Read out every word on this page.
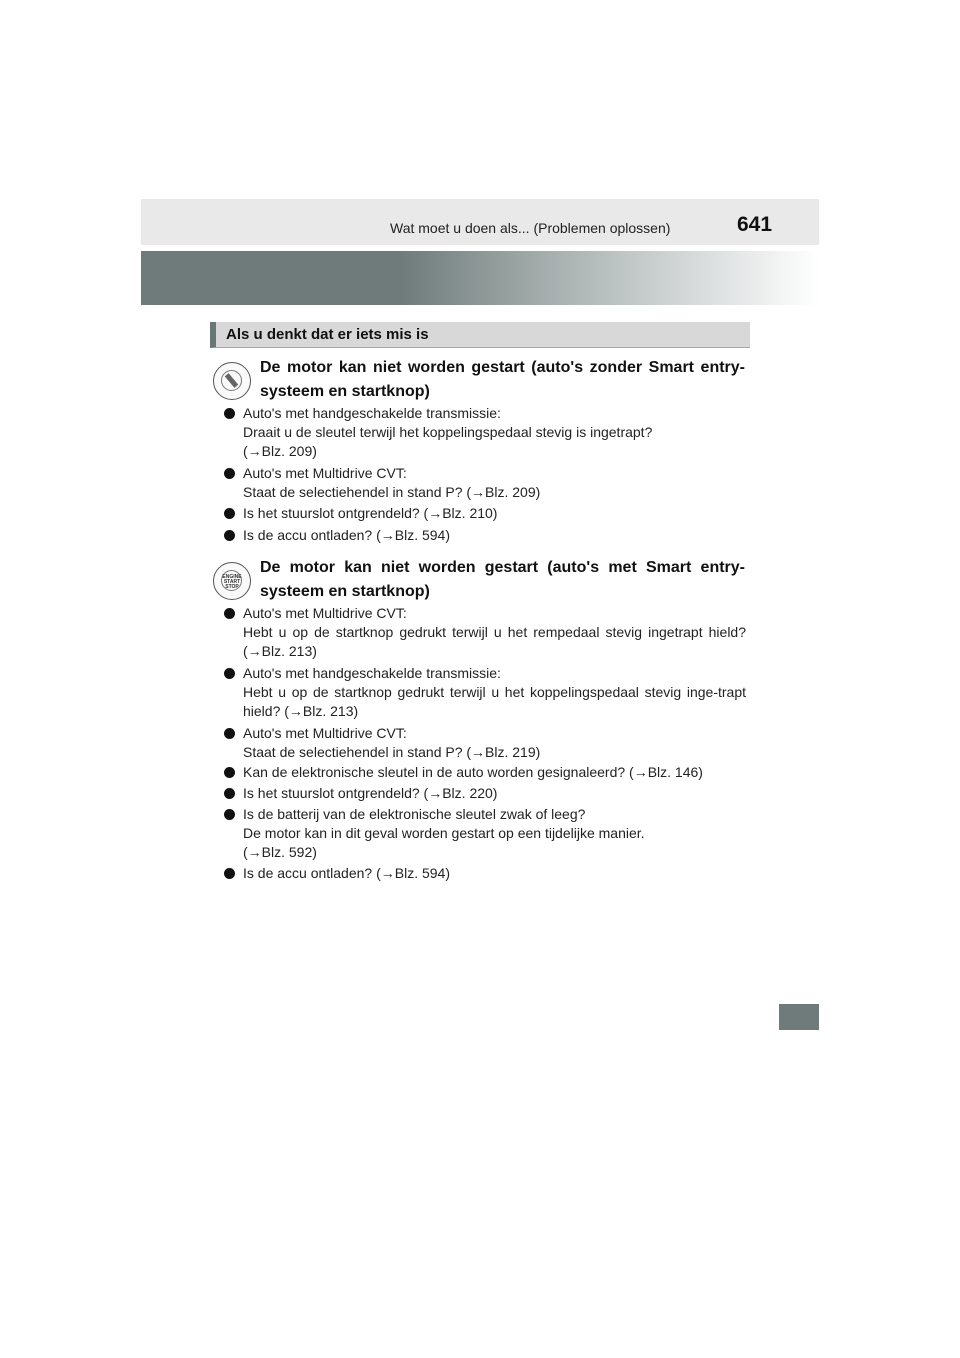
Wat moet u doen als... (Problemen oplossen)	641
Als u denkt dat er iets mis is
De motor kan niet worden gestart (auto's zonder Smart entry-systeem en startknop)
Auto's met handgeschakelde transmissie:
Draait u de sleutel terwijl het koppelingspedaal stevig is ingetrapt?
(→Blz. 209)
Auto's met Multidrive CVT:
Staat de selectiehendel in stand P? (→Blz. 209)
Is het stuurslot ontgrendeld? (→Blz. 210)
Is de accu ontladen? (→Blz. 594)
ENGINE
START
STOP
De motor kan niet worden gestart (auto's met Smart entry-systeem en startknop)
Auto's met Multidrive CVT:
Hebt u op de startknop gedrukt terwijl u het rempedaal stevig ingetrapt hield? (→Blz. 213)
Auto's met handgeschakelde transmissie:
Hebt u op de startknop gedrukt terwijl u het koppelingspedaal stevig inge-trapt hield? (→Blz. 213)
Auto's met Multidrive CVT:
Staat de selectiehendel in stand P? (→Blz. 219)
Kan de elektronische sleutel in de auto worden gesignaleerd? (→Blz. 146)
Is het stuurslot ontgrendeld? (→Blz. 220)
Is de batterij van de elektronische sleutel zwak of leeg?
De motor kan in dit geval worden gestart op een tijdelijke manier.
(→Blz. 592)
Is de accu ontladen? (→Blz. 594)
